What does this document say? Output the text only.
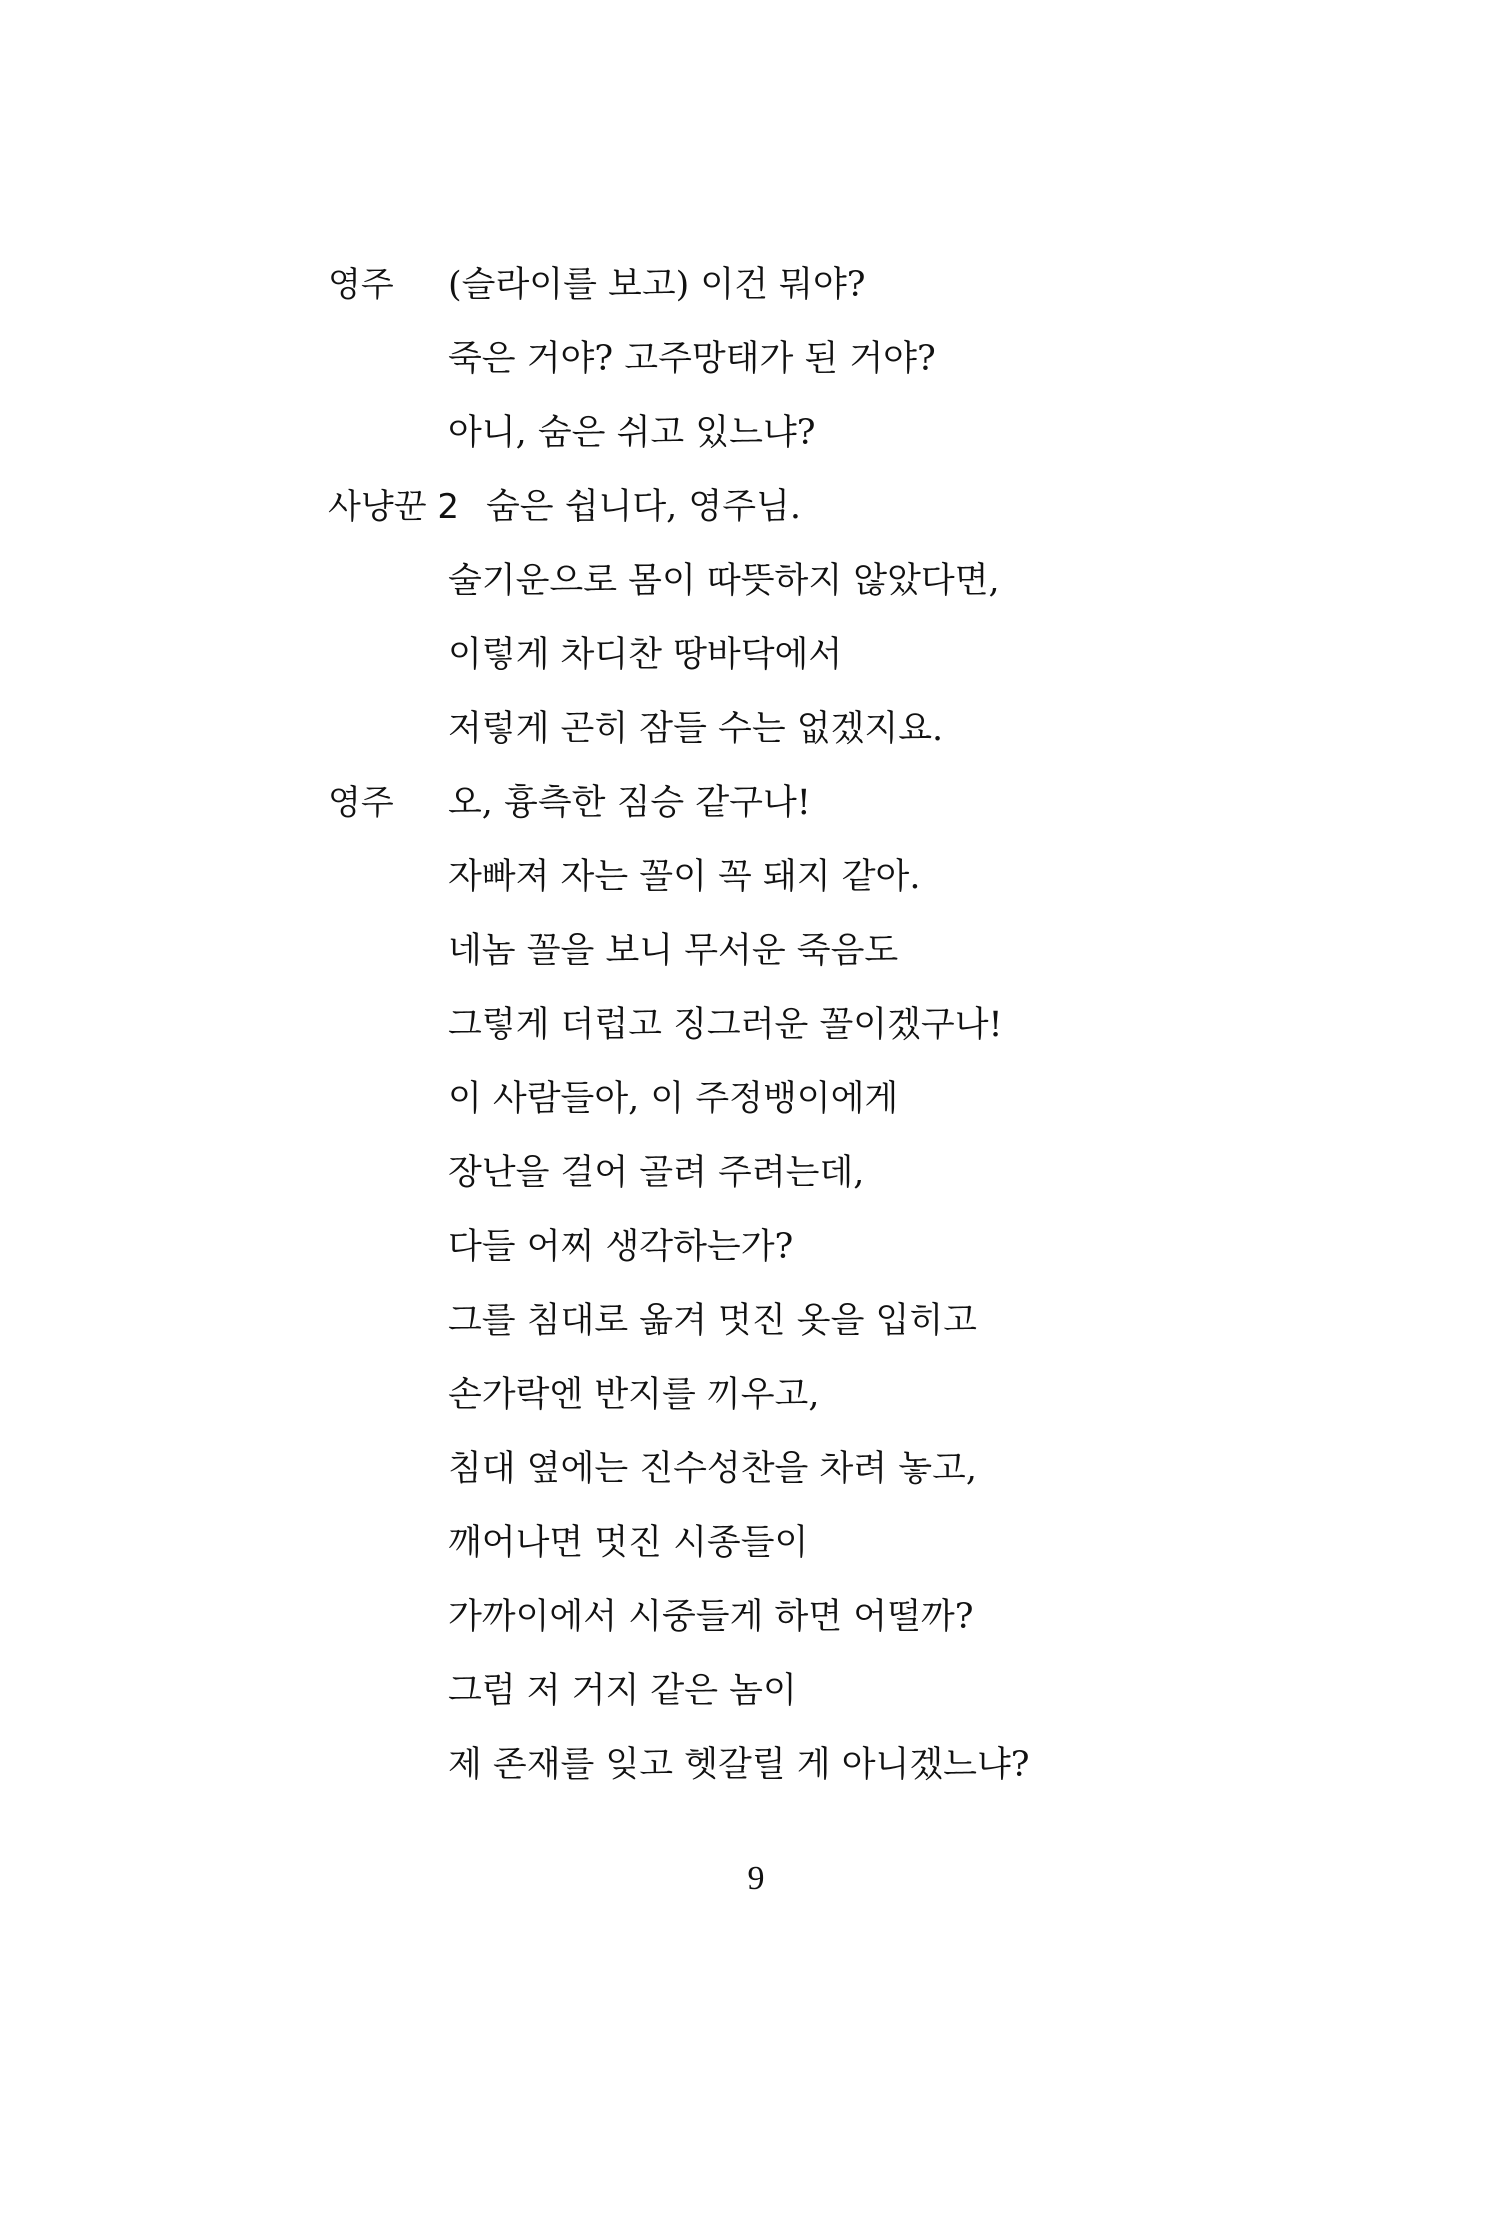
영주	(슬라이를 보고) 이건 뭐야?
죽은 거야? 고주망태가 된 거야?
아니, 숨은 쉬고 있느냐?
사냥꾼 2 숨은 쉽니다, 영주님.
술기운으로 몸이 따뜻하지 않았다면,
이렇게 차디찬 땅바닥에서
저렇게 곤히 잠들 수는 없겠지요.
영주	오, 흉측한 짐승 같구나!
자빠져 자는 꼴이 꼭 돼지 같아.
네놈 꼴을 보니 무서운 죽음도
그렇게 더럽고 징그러운 꼴이겠구나!
이 사람들아, 이 주정뱅이에게
장난을 걸어 골려 주려는데,
다들 어찌 생각하는가?
그를 침대로 옮겨 멋진 옷을 입히고
손가락엔 반지를 끼우고,
침대 옆에는 진수성찬을 차려 놓고,
깨어나면 멋진 시종들이
가까이에서 시중들게 하면 어떨까?
그럼 저 거지 같은 놈이
제 존재를 잊고 헷갈릴 게 아니겠느냐?
9
